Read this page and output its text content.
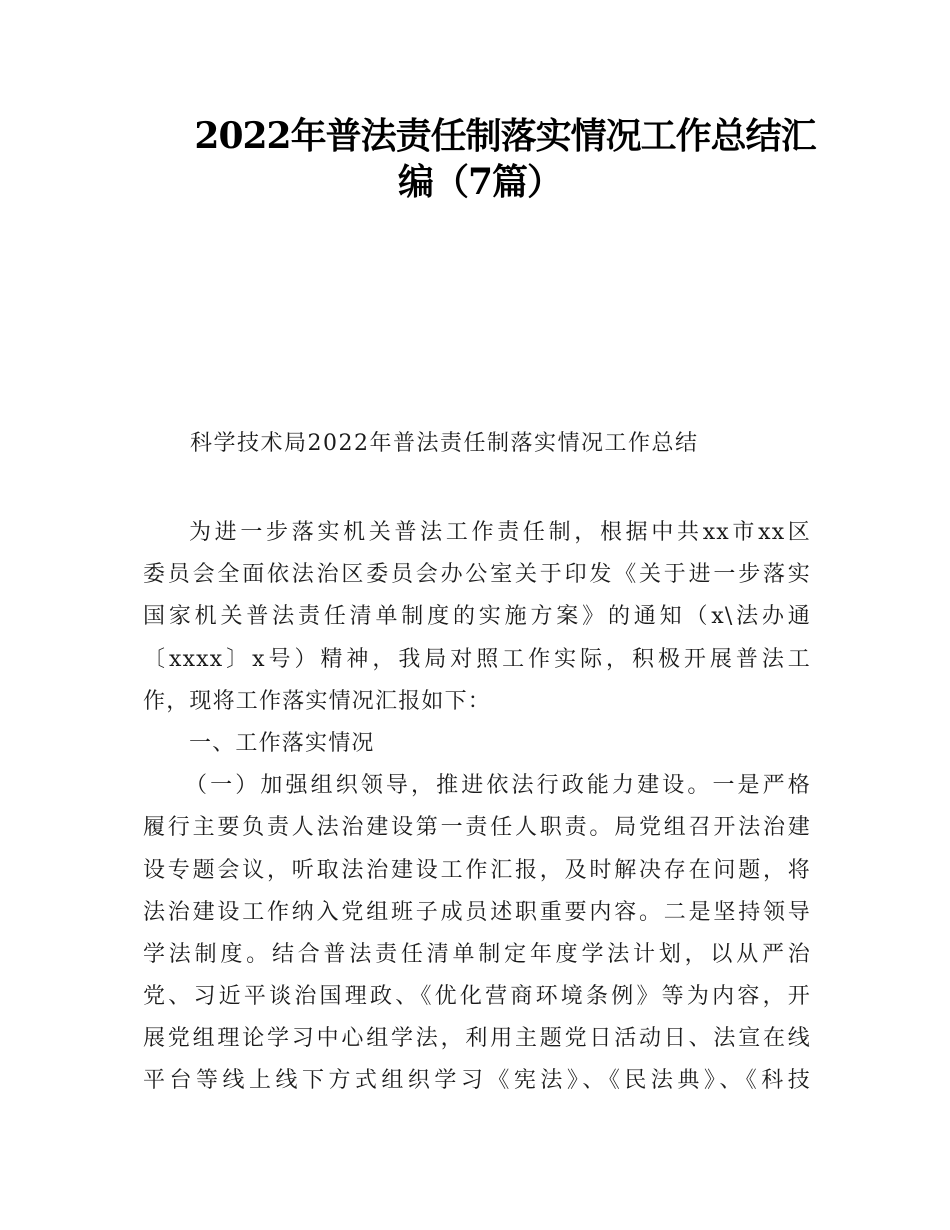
2022年普法责任制落实情况工作总结汇
编（7篇）
科学技术局2022年普法责任制落实情况工作总结
为进一步落实机关普法工作责任制，根据中共xx市xx区
委员会全面依法治区委员会办公室关于印发《关于进一步落实
国家机关普法责任清单制度的实施方案》的通知（x\法办通
〔xxxx〕x号）精神，我局对照工作实际，积极开展普法工
作，现将工作落实情况汇报如下：
一、工作落实情况
（一）加强组织领导，推进依法行政能力建设。一是严格
履行主要负责人法治建设第一责任人职责。局党组召开法治建
设专题会议，听取法治建设工作汇报，及时解决存在问题，将
法治建设工作纳入党组班子成员述职重要内容。二是坚持领导
学法制度。结合普法责任清单制定年度学法计划，以从严治
党、习近平谈治国理政、《优化营商环境条例》等为内容，开
展党组理论学习中心组学法，利用主题党日活动日、法宣在线
平台等线上线下方式组织学习《宪法》、《民法典》、《科技
